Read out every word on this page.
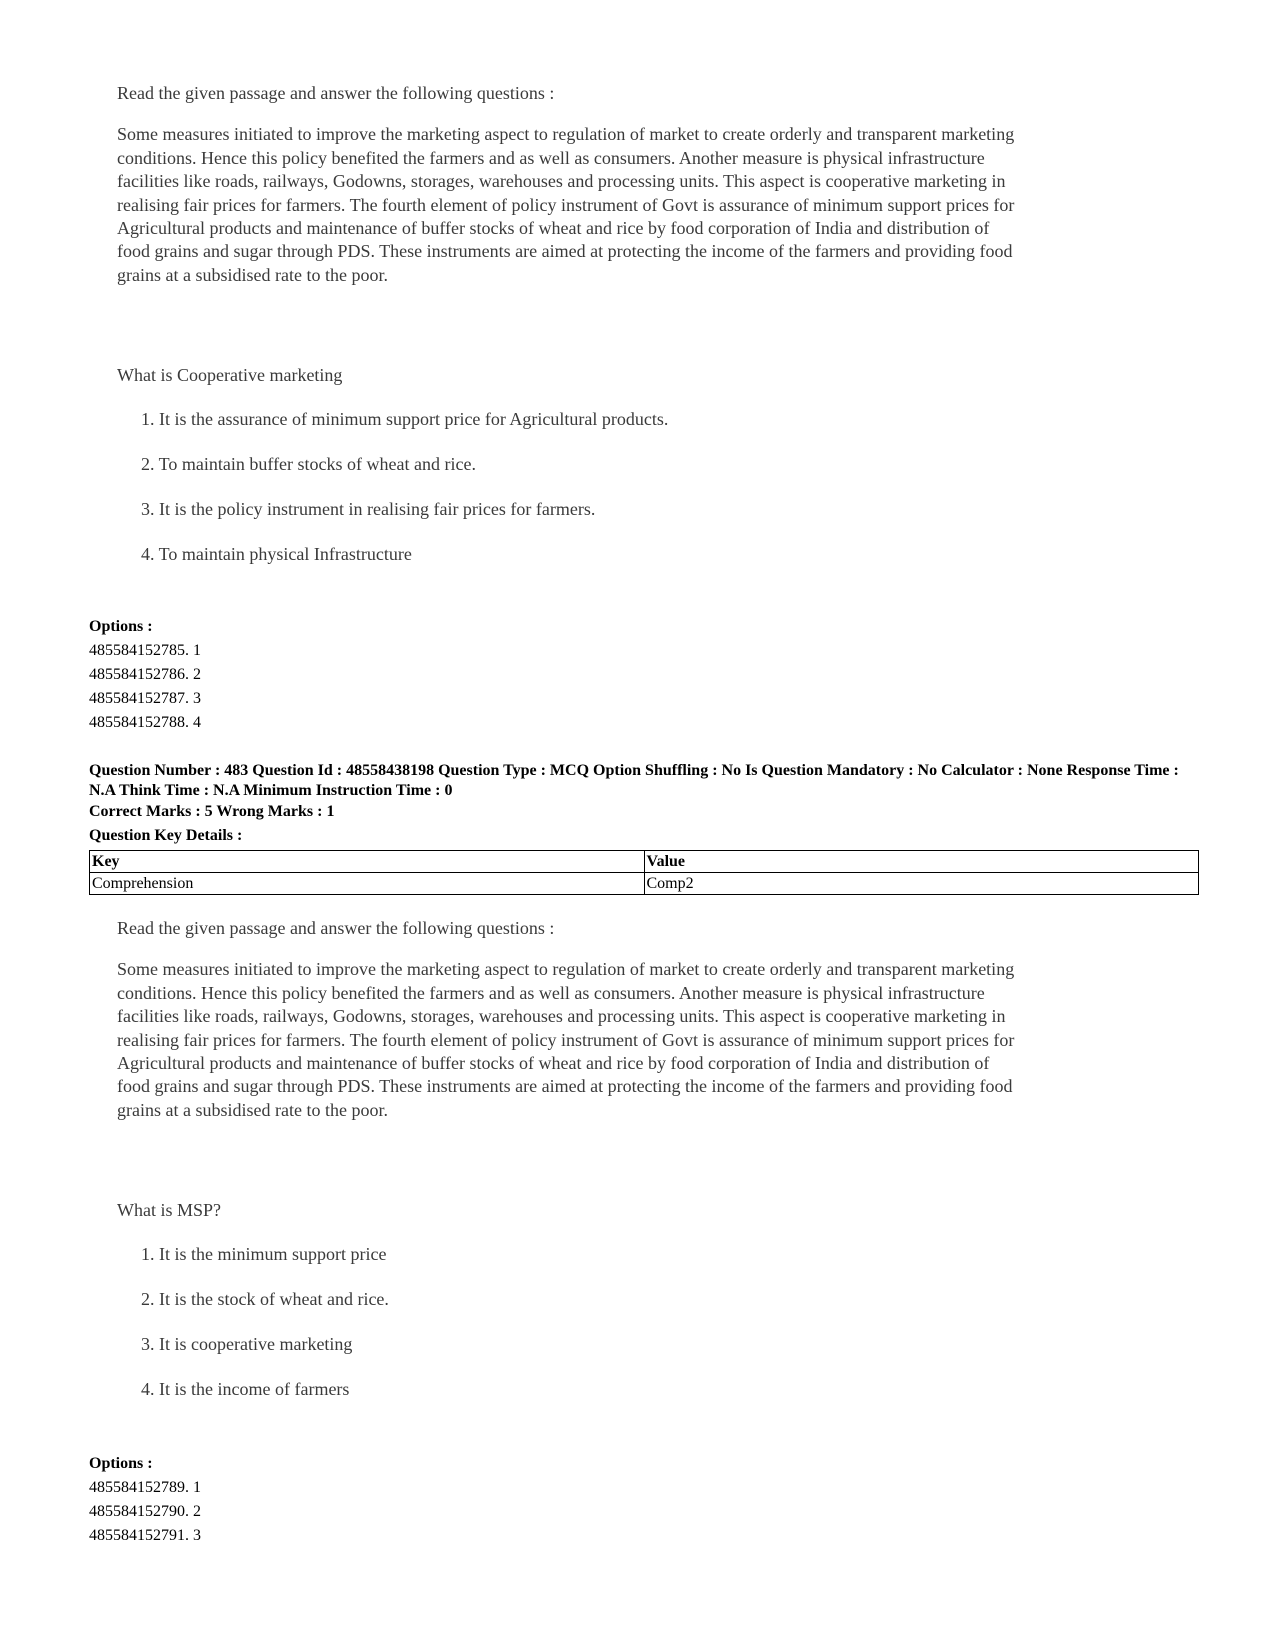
Read the given passage and answer the following questions :

Some measures initiated to improve the marketing aspect to regulation of market to create orderly and transparent marketing conditions. Hence this policy benefited the farmers and as well as consumers. Another measure is physical infrastructure facilities like roads, railways, Godowns, storages, warehouses and processing units. This aspect is cooperative marketing in realising fair prices for farmers. The fourth element of policy instrument of Govt is assurance of minimum support prices for Agricultural products and maintenance of buffer stocks of wheat and rice by food corporation of India and distribution of food grains and sugar through PDS. These instruments are aimed at protecting the income of the farmers and providing food grains at a subsidised rate to the poor.

What is Cooperative marketing
1. It is the assurance of minimum support price for Agricultural products.
2. To maintain buffer stocks of wheat and rice.
3. It is the policy instrument in realising fair prices for farmers.
4. To maintain physical Infrastructure
Options :
485584152785. 1
485584152786. 2
485584152787. 3
485584152788. 4
Question Number : 483 Question Id : 48558438198 Question Type : MCQ Option Shuffling : No Is Question Mandatory : No Calculator : None Response Time : N.A Think Time : N.A Minimum Instruction Time : 0
Correct Marks : 5 Wrong Marks : 1
Question Key Details :
Key	Value
Comprehension	Comp2

Read the given passage and answer the following questions :

Some measures initiated to improve the marketing aspect to regulation of market to create orderly and transparent marketing conditions. Hence this policy benefited the farmers and as well as consumers. Another measure is physical infrastructure facilities like roads, railways, Godowns, storages, warehouses and processing units. This aspect is cooperative marketing in realising fair prices for farmers. The fourth element of policy instrument of Govt is assurance of minimum support prices for Agricultural products and maintenance of buffer stocks of wheat and rice by food corporation of India and distribution of food grains and sugar through PDS. These instruments are aimed at protecting the income of the farmers and providing food grains at a subsidised rate to the poor.

What is MSP?
1. It is the minimum support price
2. It is the stock of wheat and rice.
3. It is cooperative marketing
4. It is the income of farmers
Options :
485584152789. 1
485584152790. 2
485584152791. 3
